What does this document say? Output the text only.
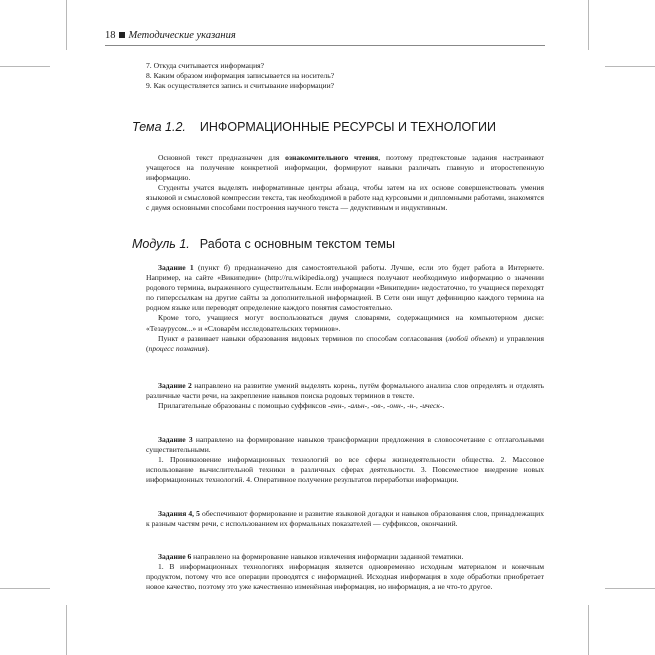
18 Методические указания
7. Откуда считывается информация?
8. Каким образом информация записывается на носитель?
9. Как осуществляется запись и считывание информации?
Тема 1.2. ИНФОРМАЦИОННЫЕ РЕСУРСЫ И ТЕХНОЛОГИИ

Основной текст предназначен для ознакомительного чтения, поэтому предтекстовые задания настраивают учащегося на получение конкретной информации, формируют навыки различать главную и второстепенную информацию.

Студенты учатся выделять информативные центры абзаца, чтобы затем на их основе совершенствовать умения языковой и смысловой компрессии текста, так необходимой в работе над курсовыми и дипломными работами, знакомятся с двумя основными способами построения научного текста — дедуктивным и индуктивным.

Модуль 1. Работа с основным текстом темы

Задание 1 (пункт б) предназначено для самостоятельной работы. Лучше, если это будет работа в Интернете. Например, на сайте «Википедии» (http://ru.wikipedia.org) учащиеся получают необходимую информацию о значении родового термина, выраженного существительным. Если информации «Википедии» недостаточно, то учащиеся переходят по гиперссылкам на другие сайты за дополнительной информацией. В Сети они ищут дефиницию каждого термина на родном языке или переводят определение каждого понятия самостоятельно.

Кроме того, учащиеся могут воспользоваться двумя словарями, содержащимися на компьютерном диске: «Тезаурусом...» и «Словарём исследовательских терминов».

Пункт в развивает навыки образования видовых терминов по способам согласования (любой объект) и управления (процесс познания).

Задание 2 направлено на развитие умений выделять корень, путём формального анализа слов определять и отделять различные части речи, на закрепление навыков поиска родовых терминов в тексте.

Прилагательные образованы с помощью суффиксов -енн-, -альн-, -ов-, -онн-, -н-, -ическ-.

Задание 3 направлено на формирование навыков трансформации предложения в словосочетание с отглагольными существительными.

1. Проникновение информационных технологий во все сферы жизнедеятельности общества. 2. Массовое использование вычислительной техники в различных сферах деятельности. 3. Повсеместное внедрение новых информационных технологий. 4. Оперативное получение результатов переработки информации.

Задания 4, 5 обеспечивают формирование и развитие языковой догадки и навыков образования слов, принадлежащих к разным частям речи, с использованием их формальных показателей — суффиксов, окончаний.

Задание 6 направлено на формирование навыков извлечения информации заданной тематики.

1. В информационных технологиях информация является одновременно исходным материалом и конечным продуктом, потому что все операции проводятся с информацией. Исходная информация в ходе обработки приобретает новое качество, поэтому это уже качественно изменённая информация, но информация, а не что-то другое.
